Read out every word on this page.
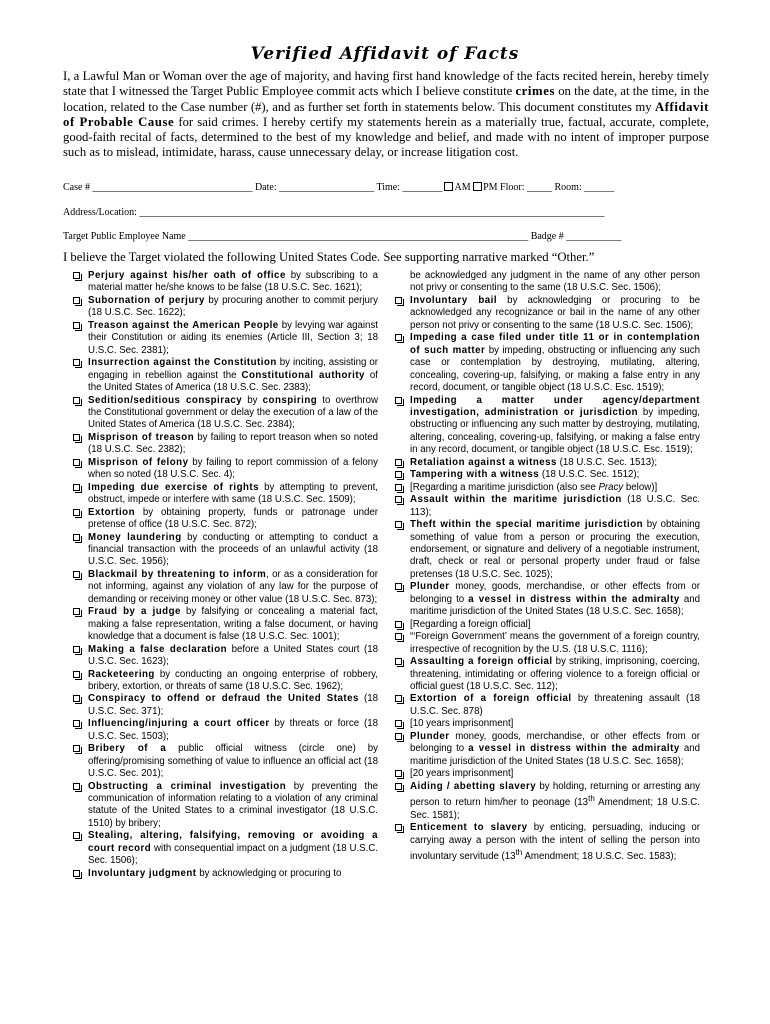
Verified Affidavit of Facts
I, a Lawful Man or Woman over the age of majority, and having first hand knowledge of the facts recited herein, hereby timely state that I witnessed the Target Public Employee commit acts which I believe constitute crimes on the date, at the time, in the location, related to the Case number (#), and as further set forth in statements below. This document constitutes my Affidavit of Probable Cause for said crimes. I hereby certify my statements herein as a materially true, factual, accurate, complete, good-faith recital of facts, determined to the best of my knowledge and belief, and made with no intent of improper purpose such as to mislead, intimidate, harass, cause unnecessary delay, or increase litigation cost.
Case # ________________________________ Date: ___________________ Time: ________ AM PM Floor: _____ Room: ______
Address/Location: _____________________________________________________________________________________________
Target Public Employee Name ____________________________________________________________________ Badge # ___________
I believe the Target violated the following United States Code. See supporting narrative marked “Other.”
Perjury against his/her oath of office by subscribing to a material matter he/she knows to be false (18 U.S.C. Sec. 1621);
Subornation of perjury by procuring another to commit perjury (18 U.S.C. Sec. 1622);
Treason against the American People by levying war against their Constitution or aiding its enemies (Article III, Section 3; 18 U.S.C. Sec. 2381);
Insurrection against the Constitution by inciting, assisting or engaging in rebellion against the Constitutional authority of the United States of America (18 U.S.C. Sec. 2383);
Sedition/seditious conspiracy by conspiring to overthrow the Constitutional government or delay the execution of a law of the United States of America (18 U.S.C. Sec. 2384);
Misprison of treason by failing to report treason when so noted (18 U.S.C. Sec. 2382);
Misprison of felony by failing to report commission of a felony when so noted (18 U.S.C. Sec. 4);
Impeding due exercise of rights by attempting to prevent, obstruct, impede or interfere with same (18 U.S.C. Sec. 1509);
Extortion by obtaining property, funds or patronage under pretense of office (18 U.S.C. Sec. 872);
Money laundering by conducting or attempting to conduct a financial transaction with the proceeds of an unlawful activity (18 U.S.C. Sec. 1956);
Blackmail by threatening to inform, or as a consideration for not informing, against any violation of any law for the purpose of demanding or receiving money or other value (18 U.S.C. Sec. 873);
Fraud by a judge by falsifying or concealing a material fact, making a false representation, writing a false document, or having knowledge that a document is false (18 U.S.C. Sec. 1001);
Making a false declaration before a United States court (18 U.S.C. Sec. 1623);
Racketeering by conducting an ongoing enterprise of robbery, bribery, extortion, or threats of same (18 U.S.C. Sec. 1962);
Conspiracy to offend or defraud the United States (18 U.S.C. Sec. 371);
Influencing/injuring a court officer by threats or force (18 U.S.C. Sec. 1503);
Bribery of a public official witness (circle one) by offering/promising something of value to influence an official act (18 U.S.C. Sec. 201);
Obstructing a criminal investigation by preventing the communication of information relating to a violation of any criminal statute of the United States to a criminal investigator (18 U.S.C. 1510) by bribery;
Stealing, altering, falsifying, removing or avoiding a court record with consequential impact on a judgment (18 U.S.C. Sec. 1506);
Involuntary judgment by acknowledging or procuring to
be acknowledged any judgment in the name of any other person not privy or consenting to the same (18 U.S.C. Sec. 1506);
Involuntary bail by acknowledging or procuring to be acknowledged any recognizance or bail in the name of any other person not privy or consenting to the same (18 U.S.C. Sec. 1506);
Impeding a case filed under title 11 or in contemplation of such matter by impeding, obstructing or influencing any such case or contemplation by destroying, mutilating, altering, concealing, covering-up, falsifying, or making a false entry in any record, document, or tangible object (18 U.S.C. Esc. 1519);
Impeding a matter under agency/department investigation, administration or jurisdiction by impeding, obstructing or influencing any such matter by destroying, mutilating, altering, concealing, covering-up, falsifying, or making a false entry in any record, document, or tangible object (18 U.S.C. Esc. 1519);
Retaliation against a witness (18 U.S.C. Sec. 1513);
Tampering with a witness (18 U.S.C. Sec. 1512);
[Regarding a maritime jurisdiction (also see Pracy below)]
Assault within the maritime jurisdiction (18 U.S.C. Sec. 113);
Theft within the special maritime jurisdiction by obtaining something of value from a person or procuring the execution, endorsement, or signature and delivery of a negotiable instrument, draft, check or real or personal property under fraud or false pretenses (18 U.S.C. Sec. 1025);
Plunder money, goods, merchandise, or other effects from or belonging to a vessel in distress within the admiralty and maritime jurisdiction of the United States (18 U.S.C. Sec. 1658);
[Regarding a foreign official]
“‘Foreign Government’ means the government of a foreign country, irrespective of recognition by the U.S. (18 U.S.C. 1116);
Assaulting a foreign official by striking, imprisoning, coercing, threatening, intimidating or offering violence to a foreign official or official guest (18 U.S.C. Sec. 112);
Extortion of a foreign official by threatening assault (18 U.S.C. Sec. 878)
[10 years imprisonment]
Plunder money, goods, merchandise, or other effects from or belonging to a vessel in distress within the admiralty and maritime jurisdiction of the United States (18 U.S.C. Sec. 1658);
[20 years imprisonment]
Aiding / abetting slavery by holding, returning or arresting any person to return him/her to peonage (13th Amendment; 18 U.S.C. Sec. 1581);
Enticement to slavery by enticing, persuading, inducing or carrying away a person with the intent of selling the person into involuntary servitude (13th Amendment; 18 U.S.C. Sec. 1583);
